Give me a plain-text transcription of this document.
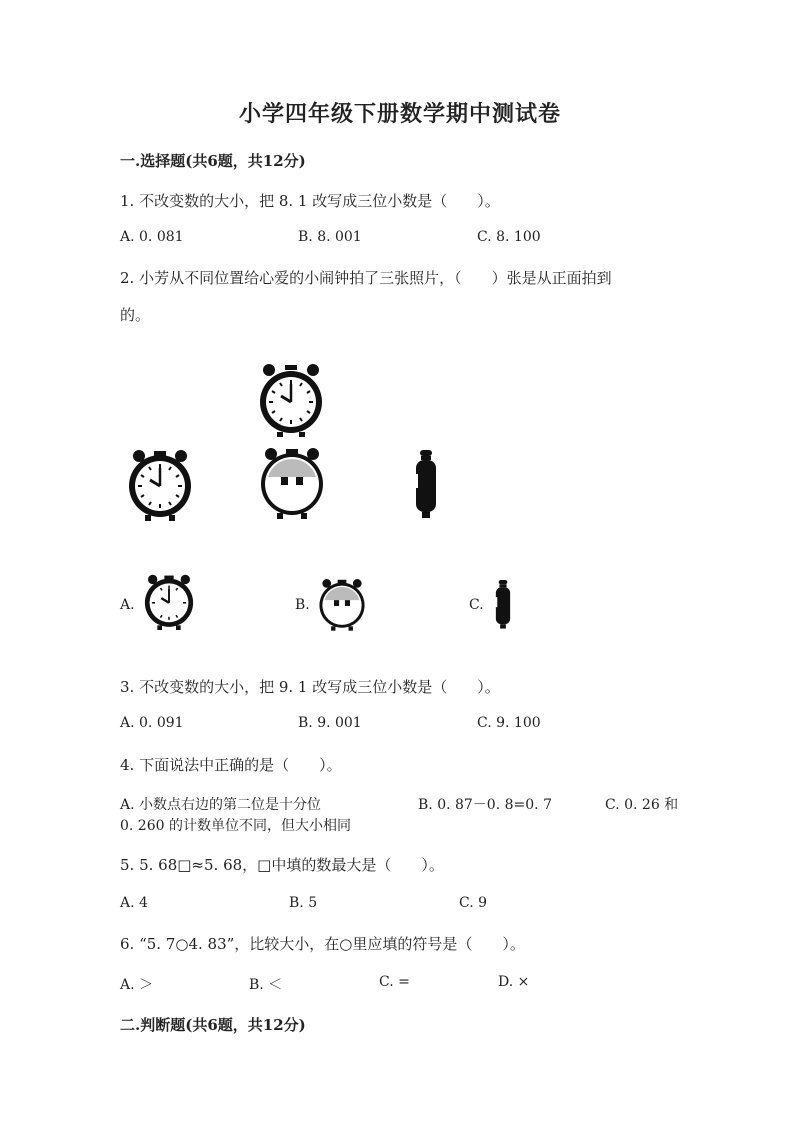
小学四年级下册数学期中测试卷
一.选择题(共6题，共12分)
1. 不改变数的大小，把 8. 1 改写成三位小数是（　　）。
A. 0. 081	B. 8. 001	C. 8. 100
2. 小芳从不同位置给心爱的小闹钟拍了三张照片，（　　）张是从正面拍到
的。
A.	B.	C.
3. 不改变数的大小，把 9. 1 改写成三位小数是（　　）。
A. 0. 091	B. 9. 001	C. 9. 100
4. 下面说法中正确的是（　　）。
A. 小数点右边的第二位是十分位	B. 0. 87－0. 8=0. 7	C. 0. 26 和
0. 260 的计数单位不同，但大小相同
5. 5. 68□≈5. 68，□中填的数最大是（　　）。
A. 4	B. 5	C. 9
6. “5. 7○4. 83”，比较大小，在○里应填的符号是（　　）。
A. ＞	B. ＜	C. =	D. ×
二.判断题(共6题，共12分)
